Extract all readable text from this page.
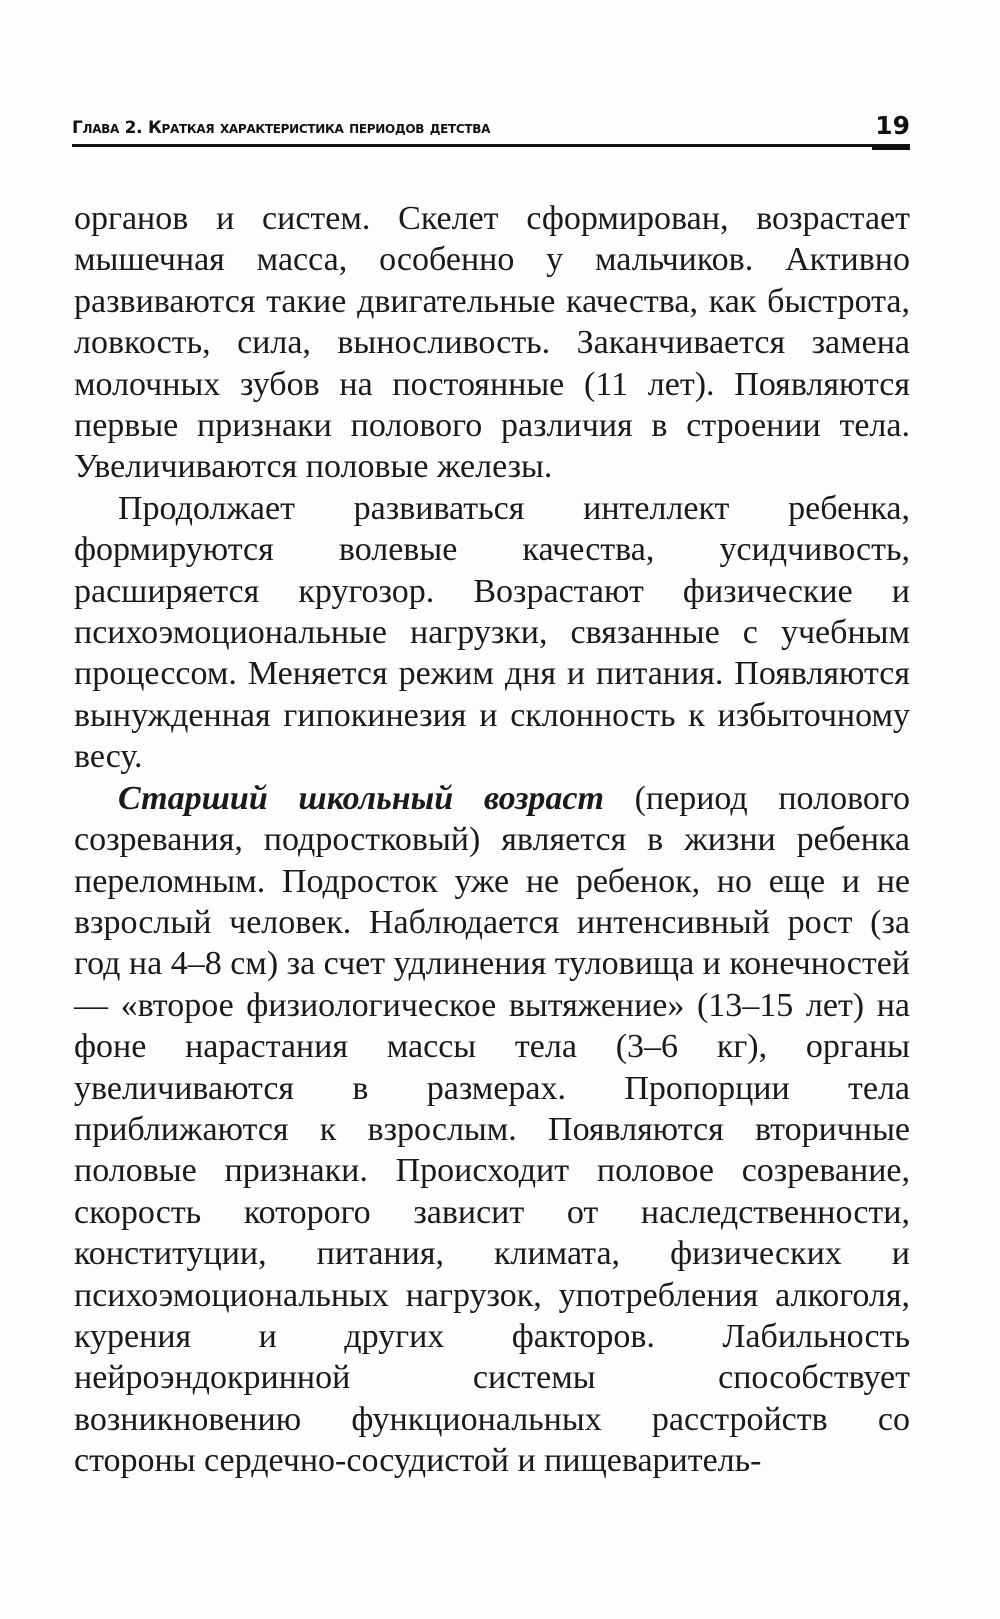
Глава 2. Краткая характеристика периодов детства	19

органов и систем. Скелет сформирован, возрастает мышечная масса, особенно у мальчиков. Активно развиваются такие двигательные качества, как быстрота, ловкость, сила, выносливость. Заканчивается замена молочных зубов на постоянные (11 лет). Появляются первые признаки полового различия в строении тела. Увеличиваются половые железы.

Продолжает развиваться интеллект ребенка, формируются волевые качества, усидчивость, расширяется кругозор. Возрастают физические и психоэмоциональные нагрузки, связанные с учебным процессом. Меняется режим дня и питания. Появляются вынужденная гипокинезия и склонность к избыточному весу.

Старший школьный возраст (период полового созревания, подростковый) является в жизни ребенка переломным. Подросток уже не ребенок, но еще и не взрослый человек. Наблюдается интенсивный рост (за год на 4–8 см) за счет удлинения туловища и конечностей — «второе физиологическое вытяжение» (13–15 лет) на фоне нарастания массы тела (3–6 кг), органы увеличиваются в размерах. Пропорции тела приближаются к взрослым. Появляются вторичные половые признаки. Происходит половое созревание, скорость которого зависит от наследственности, конституции, питания, климата, физических и психоэмоциональных нагрузок, употребления алкоголя, курения и других факторов. Лабильность нейроэндокринной системы способствует возникновению функциональных расстройств со стороны сердечно-сосудистой и пищеваритель-
